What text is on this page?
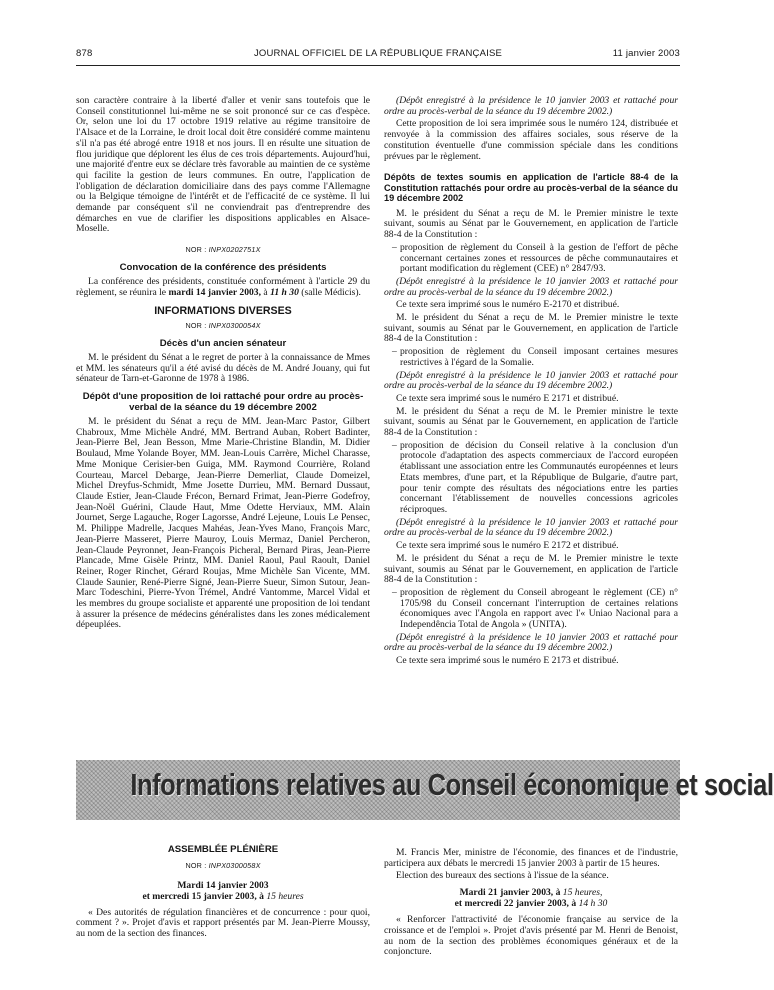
878	JOURNAL OFFICIEL DE LA RÉPUBLIQUE FRANÇAISE	11 janvier 2003

son caractère contraire à la liberté d'aller et venir sans toutefois que le Conseil constitutionnel lui-même ne se soit prononcé sur ce cas d'espèce. Or, selon une loi du 17 octobre 1919 relative au régime transitoire de l'Alsace et de la Lorraine, le droit local doit être considéré comme maintenu s'il n'a pas été abrogé entre 1918 et nos jours. Il en résulte une situation de flou juridique que déplorent les élus de ces trois départements. Aujourd'hui, une majorité d'entre eux se déclare très favorable au maintien de ce système qui facilite la gestion de leurs communes. En outre, l'application de l'obligation de déclaration domiciliaire dans des pays comme l'Allemagne ou la Belgique témoigne de l'intérêt et de l'efficacité de ce système. Il lui demande par conséquent s'il ne conviendrait pas d'entreprendre des démarches en vue de clarifier les dispositions applicables en Alsace-Moselle.

NOR : INPX0202751X
Convocation de la conférence des présidents

La conférence des présidents, constituée conformément à l'article 29 du règlement, se réunira le mardi 14 janvier 2003, à 11 h 30 (salle Médicis).

INFORMATIONS DIVERSES
NOR : INPX0300054X
Décès d'un ancien sénateur

M. le président du Sénat a le regret de porter à la connaissance de Mmes et MM. les sénateurs qu'il a été avisé du décès de M. André Jouany, qui fut sénateur de Tarn-et-Garonne de 1978 à 1986.

Dépôt d'une proposition de loi rattaché pour ordre au procès-verbal de la séance du 19 décembre 2002

M. le président du Sénat a reçu de MM. Jean-Marc Pastor, Gilbert Chabroux, Mme Michèle André, MM. Bertrand Auban, Robert Badinter, Jean-Pierre Bel, Jean Besson, Mme Marie-Christine Blandin, M. Didier Boulaud, Mme Yolande Boyer, MM. Jean-Louis Carrère, Michel Charasse, Mme Monique Cerisier-ben Guiga, MM. Raymond Courrière, Roland Courteau, Marcel Debarge, Jean-Pierre Demerliat, Claude Domeizel, Michel Dreyfus-Schmidt, Mme Josette Durrieu, MM. Bernard Dussaut, Claude Estier, Jean-Claude Frécon, Bernard Frimat, Jean-Pierre Godefroy, Jean-Noël Guérini, Claude Haut, Mme Odette Herviaux, MM. Alain Journet, Serge Lagauche, Roger Lagorsse, André Lejeune, Louis Le Pensec, M. Philippe Madrelle, Jacques Mahéas, Jean-Yves Mano, François Marc, Jean-Pierre Masseret, Pierre Mauroy, Louis Mermaz, Daniel Percheron, Jean-Claude Peyronnet, Jean-François Picheral, Bernard Piras, Jean-Pierre Plancade, Mme Gisèle Printz, MM. Daniel Raoul, Paul Raoult, Daniel Reiner, Roger Rinchet, Gérard Roujas, Mme Michèle San Vicente, MM. Claude Saunier, René-Pierre Signé, Jean-Pierre Sueur, Simon Sutour, Jean-Marc Todeschini, Pierre-Yvon Trémel, André Vantomme, Marcel Vidal et les membres du groupe socialiste et apparenté une proposition de loi tendant à assurer la présence de médecins généralistes dans les zones médicalement dépeuplées.

(Dépôt enregistré à la présidence le 10 janvier 2003 et rattaché pour ordre au procès-verbal de la séance du 19 décembre 2002.)

Cette proposition de loi sera imprimée sous le numéro 124, distribuée et renvoyée à la commission des affaires sociales, sous réserve de la constitution éventuelle d'une commission spéciale dans les conditions prévues par le règlement.

Dépôts de textes soumis en application de l'article 88-4 de la Constitution rattachés pour ordre au procès-verbal de la séance du 19 décembre 2002

M. le président du Sénat a reçu de M. le Premier ministre le texte suivant, soumis au Sénat par le Gouvernement, en application de l'article 88-4 de la Constitution :

– proposition de règlement du Conseil à la gestion de l'effort de pêche concernant certaines zones et ressources de pêche communautaires et portant modification du règlement (CEE) n° 2847/93.

(Dépôt enregistré à la présidence le 10 janvier 2003 et rattaché pour ordre au procès-verbal de la séance du 19 décembre 2002.)

Ce texte sera imprimé sous le numéro E-2170 et distribué.

M. le président du Sénat a reçu de M. le Premier ministre le texte suivant, soumis au Sénat par le Gouvernement, en application de l'article 88-4 de la Constitution :

– proposition de règlement du Conseil imposant certaines mesures restrictives à l'égard de la Somalie.

(Dépôt enregistré à la présidence le 10 janvier 2003 et rattaché pour ordre au procès-verbal de la séance du 19 décembre 2002.)

Ce texte sera imprimé sous le numéro E 2171 et distribué.

M. le président du Sénat a reçu de M. le Premier ministre le texte suivant, soumis au Sénat par le Gouvernement, en application de l'article 88-4 de la Constitution :

– proposition de décision du Conseil relative à la conclusion d'un protocole d'adaptation des aspects commerciaux de l'accord européen établissant une association entre les Communautés européennes et leurs Etats membres, d'une part, et la République de Bulgarie, d'autre part, pour tenir compte des résultats des négociations entre les parties concernant l'établissement de nouvelles concessions agricoles réciproques.

(Dépôt enregistré à la présidence le 10 janvier 2003 et rattaché pour ordre au procès-verbal de la séance du 19 décembre 2002.)

Ce texte sera imprimé sous le numéro E 2172 et distribué.

M. le président du Sénat a reçu de M. le Premier ministre le texte suivant, soumis au Sénat par le Gouvernement, en application de l'article 88-4 de la Constitution :

– proposition de règlement du Conseil abrogeant le règlement (CE) n° 1705/98 du Conseil concernant l'interruption de certaines relations économiques avec l'Angola en rapport avec l'« Uniao Nacional para a Independência Total de Angola » (UNITA).

(Dépôt enregistré à la présidence le 10 janvier 2003 et rattaché pour ordre au procès-verbal de la séance du 19 décembre 2002.)

Ce texte sera imprimé sous le numéro E 2173 et distribué.

Informations relatives au Conseil économique et social
ASSEMBLÉE PLÉNIÈRE
NOR : INPX0300058X
Mardi 14 janvier 2003
et mercredi 15 janvier 2003, à 15 heures

« Des autorités de régulation financières et de concurrence : pour quoi, comment ? ». Projet d'avis et rapport présentés par M. Jean-Pierre Moussy, au nom de la section des finances.

M. Francis Mer, ministre de l'économie, des finances et de l'industrie, participera aux débats le mercredi 15 janvier 2003 à partir de 15 heures.

Election des bureaux des sections à l'issue de la séance.

Mardi 21 janvier 2003, à 15 heures,
et mercredi 22 janvier 2003, à 14 h 30

« Renforcer l'attractivité de l'économie française au service de la croissance et de l'emploi ». Projet d'avis présenté par M. Henri de Benoist, au nom de la section des problèmes économiques généraux et de la conjoncture.
